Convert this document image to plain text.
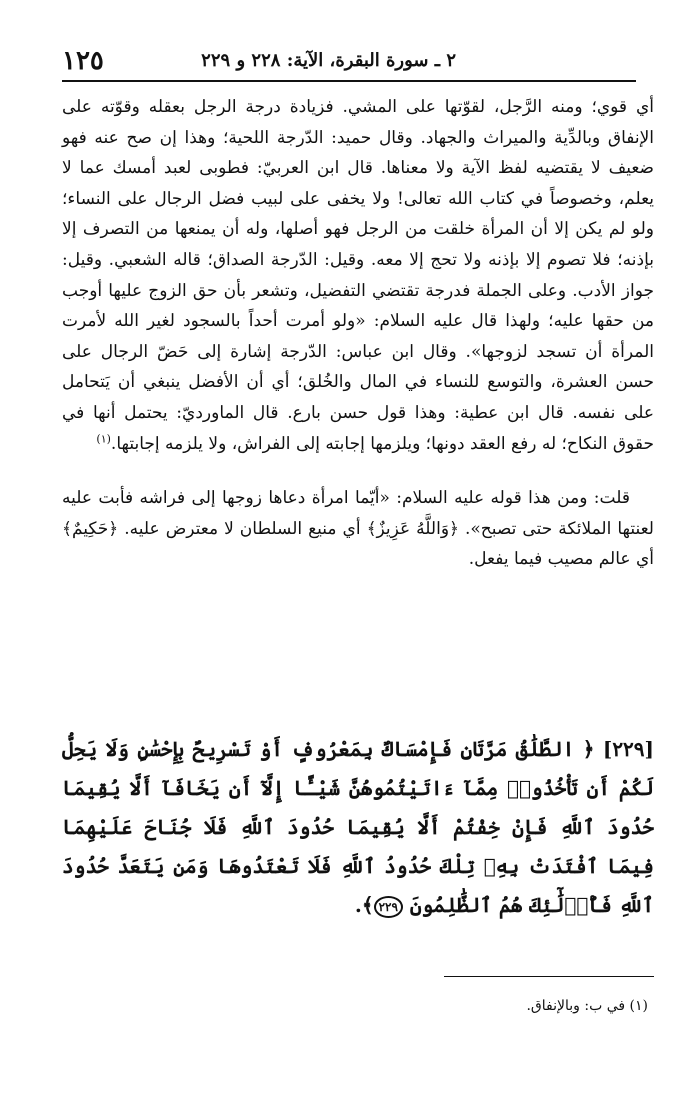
١٢٥	٢ ـ سورة البقرة، الآية: ٢٢٨ و ٢٢٩

أي قوي؛ ومنه الرَّجل، لقوّتها على المشي. فزيادة درجة الرجل بعقله وقوّته على الإنفاق وبالدِّية والميراث والجهاد. وقال حميد: الدّرجة اللحية؛ وهذا إن صح عنه فهو ضعيف لا يقتضيه لفظ الآية ولا معناها. قال ابن العربيّ: فطوبى لعبد أمسك عما لا يعلم، وخصوصاً في كتاب الله تعالى! ولا يخفى على لبيب فضل الرجال على النساء؛ ولو لم يكن إلا أن المرأة خلقت من الرجل فهو أصلها، وله أن يمنعها من التصرف إلا بإذنه؛ فلا تصوم إلا بإذنه ولا تحج إلا معه. وقيل: الدّرجة الصداق؛ قاله الشعبي. وقيل: جواز الأدب. وعلى الجملة فدرجة تقتضي التفضيل، وتشعر بأن حق الزوج عليها أوجب من حقها عليه؛ ولهذا قال عليه السلام: «ولو أمرت أحداً بالسجود لغير الله لأمرت المرأة أن تسجد لزوجها». وقال ابن عباس: الدّرجة إشارة إلى حَضّ الرجال على حسن العشرة، والتوسع للنساء في المال والخُلق؛ أي أن الأفضل ينبغي أن يَتحامل على نفسه. قال ابن عطية: وهذا قول حسن بارع. قال الماورديّ: يحتمل أنها في حقوق النكاح؛ له رفع العقد دونها؛ ويلزمها إجابته إلى الفراش، ولا يلزمه إجابتها.$^{(١)}$

قلت: ومن هذا قوله عليه السلام: «أيّما امرأة دعاها زوجها إلى فراشه فأبت عليه لعنتها الملائكة حتى تصبح». ﴿وَاللَّهُ عَزِيزٌ﴾ أي منيع السلطان لا معترض عليه. ﴿حَكِيمٌ﴾ أي عالم مصيب فيما يفعل.

[٢٢٩] ﴿ الطَّلَٰقُ مَرَّتَانِ فَإِمْسَاكٌ بِمَعْرُوفٍ أَوْ تَسْرِيحٌ بِإِحْسَٰنٍ وَلَا يَحِلُّ لَكُمْ أَن تَأْخُذُوا۟ مِمَّآ ءَاتَيْتُمُوهُنَّ شَيْـًٔا إِلَّآ أَن يَخَافَآ أَلَّا يُقِيمَا حُدُودَ ٱللَّهِ فَإِنْ خِفْتُمْ أَلَّا يُقِيمَا حُدُودَ ٱللَّهِ فَلَا جُنَاحَ عَلَيْهِمَا فِيمَا ٱفْتَدَتْ بِهِۦ تِلْكَ حُدُودُ ٱللَّهِ فَلَا تَعْتَدُوهَا وَمَن يَتَعَدَّ حُدُودَ ٱللَّهِ فَأُو۟لَٰٓئِكَ هُمُ ٱلظَّٰلِمُونَ ٢٢٩﴾.
(١) في ب: وبالإنفاق.
